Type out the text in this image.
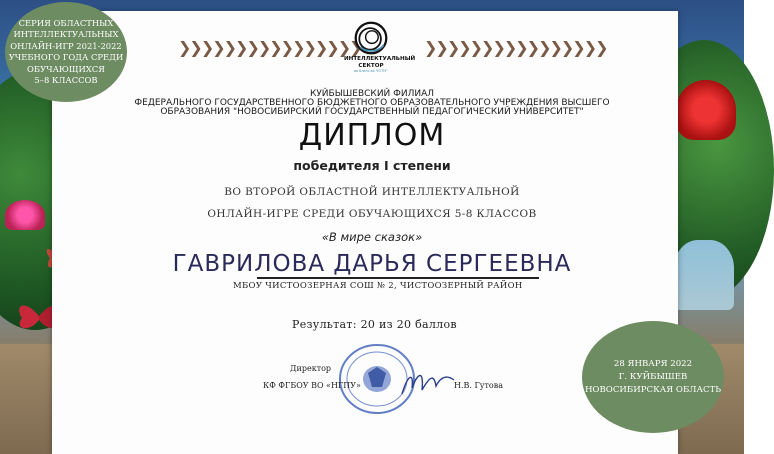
СЕРИЯ ОБЛАСТНЫХ
ИНТЕЛЛЕКТУАЛЬНЫХ
ОНЛАЙН-ИГР 2021-2022
УЧЕБНОГО ГОДА СРЕДИ
ОБУЧАЮЩИХСЯ
5–8 КЛАССОВ
❯❯❯❯❯❯❯❯❯❯❯❯❯❯❯❯	❯❯❯❯❯❯❯❯❯❯❯❯❯❯❯❯
ИНТЕЛЛЕКТУАЛЬНЫЙ
СЕКТОР
во благо во "КГПУ"
КУЙБЫШЕВСКИЙ ФИЛИАЛ
ФЕДЕРАЛЬНОГО ГОСУДАРСТВЕННОГО БЮДЖЕТНОГО ОБРАЗОВАТЕЛЬНОГО УЧРЕЖДЕНИЯ ВЫСШЕГО
ОБРАЗОВАНИЯ "НОВОСИБИРСКИЙ ГОСУДАРСТВЕННЫЙ ПЕДАГОГИЧЕСКИЙ УНИВЕРСИТЕТ"
ДИПЛОМ
победителя I степени
ВО ВТОРОЙ ОБЛАСТНОЙ ИНТЕЛЛЕКТУАЛЬНОЙ
ОНЛАЙН-ИГРЕ СРЕДИ ОБУЧАЮЩИХСЯ 5-8 КЛАССОВ
«В мире сказок»
ГАВРИЛОВА ДАРЬЯ СЕРГЕЕВНА
МБОУ ЧИСТООЗЕРНАЯ СОШ № 2, ЧИСТООЗЕРНЫЙ РАЙОН
Результат: 20 из 20 баллов
Директор
КФ ФГБОУ ВО «НГПУ»	Н.В. Гутова
28 ЯНВАРЯ 2022
Г. КУЙБЫШЕВ
НОВОСИБИРСКАЯ ОБЛАСТЬ
